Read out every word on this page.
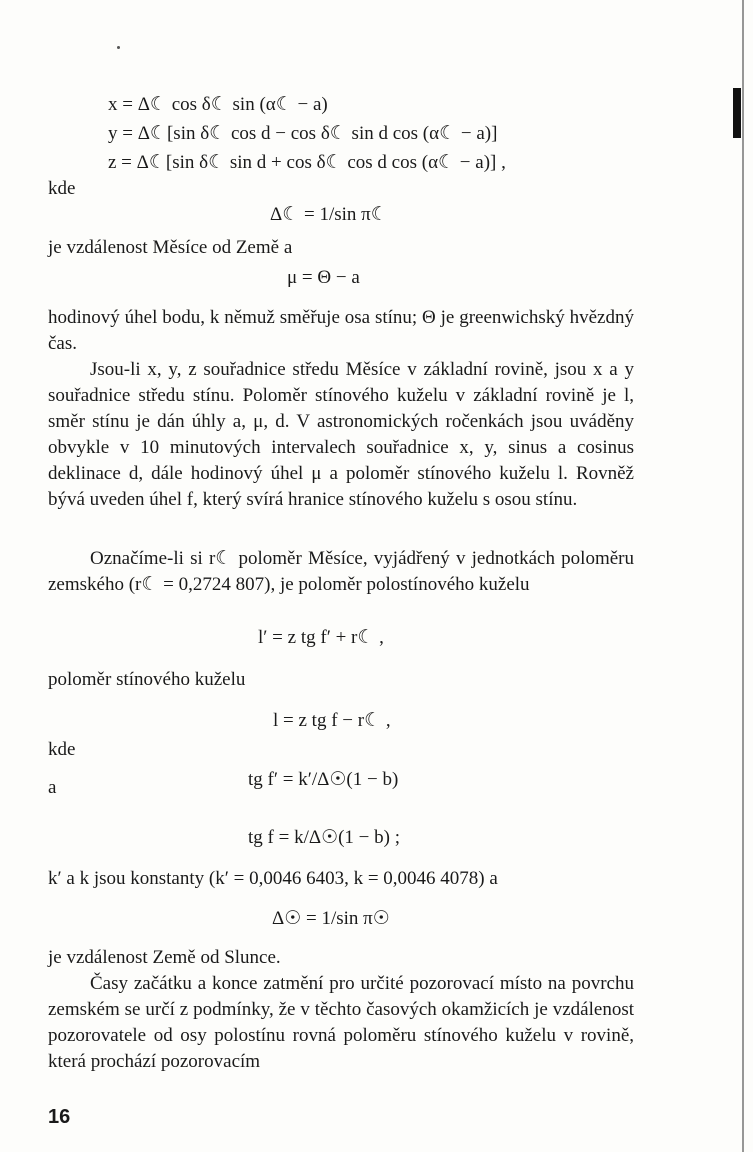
x = Δ☾ cos δ☾ sin (α☾ − a)
y = Δ☾[sin δ☾ cos d − cos δ☾ sin d cos (α☾ − a)]
z = Δ☾[sin δ☾ sin d + cos δ☾ cos d cos (α☾ − a)] ,
kde
Δ☾ = 1/sin π☾
je vzdálenost Měsíce od Země a
μ = Θ − a
hodinový úhel bodu, k němuž směřuje osa stínu; Θ je greenwichský hvězdný čas.
Jsou-li x, y, z souřadnice středu Měsíce v základní rovině, jsou x a y souřadnice středu stínu. Poloměr stínového kuželu v základní rovině je l, směr stínu je dán úhly a, μ, d. V astronomických ročenkách jsou uváděny obvykle v 10 minutových intervalech souřadnice x, y, sinus a cosinus deklinace d, dále hodinový úhel μ a poloměr stínového kuželu l. Rovněž bývá uveden úhel f, který svírá hranice stínového kuželu s osou stínu.
Označíme-li si r☾ poloměr Měsíce, vyjádřený v jednotkách poloměru zemského (r☾ = 0,2724 807), je poloměr polostínového kuželu
l′ = z tg f′ + r☾ ,
poloměr stínového kuželu
l = z tg f − r☾ ,
kde
tg f′ = k′/Δ☉(1 − b)
a
tg f = k/Δ☉(1 − b) ;
k′ a k jsou konstanty (k′ = 0,0046 6403, k = 0,0046 4078) a
Δ☉ = 1/sin π☉
je vzdálenost Země od Slunce.
Časy začátku a konce zatmění pro určité pozorovací místo na povrchu zemském se určí z podmínky, že v těchto časových okamžicích je vzdálenost pozorovatele od osy polostínu rovná poloměru stínového kuželu v rovině, která prochází pozorovacím
16
